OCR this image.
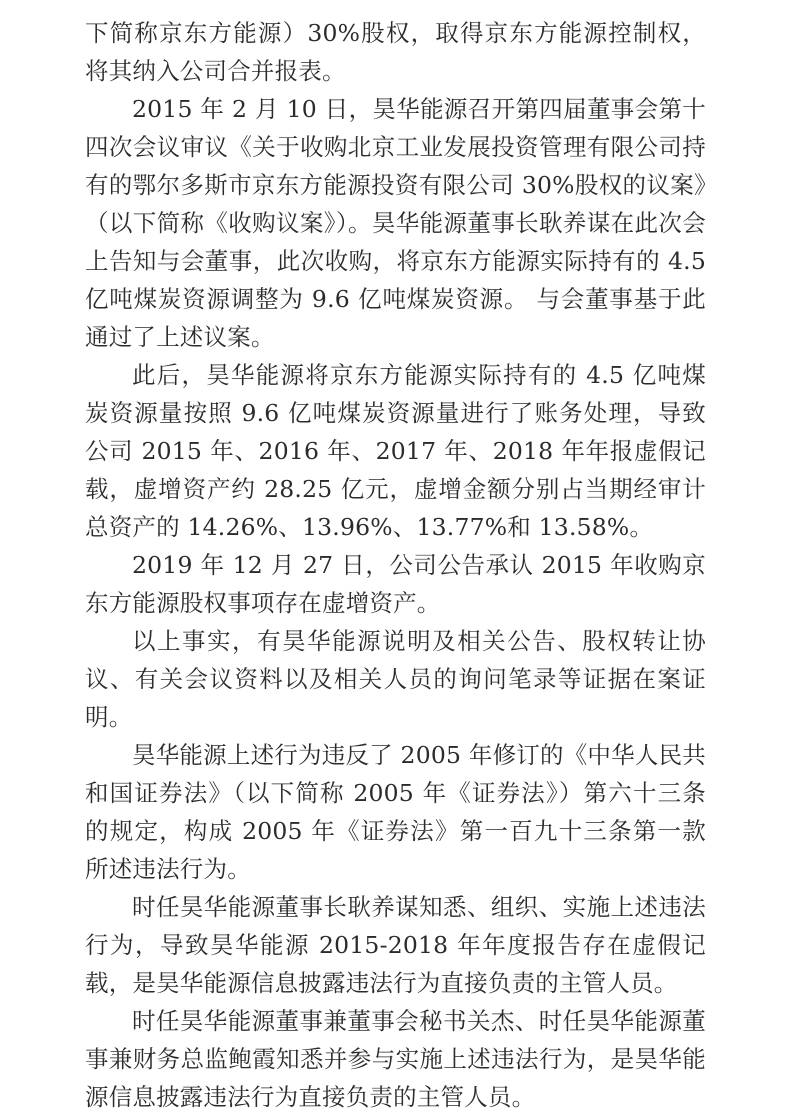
下简称京东方能源）30%股权，取得京东方能源控制权，将其纳入公司合并报表。

2015 年 2 月 10 日，昊华能源召开第四届董事会第十四次会议审议《关于收购北京工业发展投资管理有限公司持有的鄂尔多斯市京东方能源投资有限公司 30%股权的议案》（以下简称《收购议案》）。昊华能源董事长耿养谋在此次会上告知与会董事，此次收购，将京东方能源实际持有的 4.5 亿吨煤炭资源调整为 9.6 亿吨煤炭资源。 与会董事基于此通过了上述议案。

此后，昊华能源将京东方能源实际持有的 4.5 亿吨煤炭资源量按照 9.6 亿吨煤炭资源量进行了账务处理，导致公司 2015 年、2016 年、2017 年、2018 年年报虚假记载，虚增资产约 28.25 亿元，虚增金额分别占当期经审计总资产的 14.26%、13.96%、13.77%和 13.58%。

2019 年 12 月 27 日，公司公告承认 2015 年收购京东方能源股权事项存在虚增资产。

以上事实，有昊华能源说明及相关公告、股权转让协议、有关会议资料以及相关人员的询问笔录等证据在案证明。

昊华能源上述行为违反了 2005 年修订的《中华人民共和国证券法》（以下简称 2005 年《证券法》）第六十三条的规定，构成 2005 年《证券法》第一百九十三条第一款所述违法行为。

时任昊华能源董事长耿养谋知悉、组织、实施上述违法行为，导致昊华能源 2015-2018 年年度报告存在虚假记载，是昊华能源信息披露违法行为直接负责的主管人员。

时任昊华能源董事兼董事会秘书关杰、时任昊华能源董事兼财务总监鲍霞知悉并参与实施上述违法行为，是昊华能源信息披露违法行为直接负责的主管人员。
